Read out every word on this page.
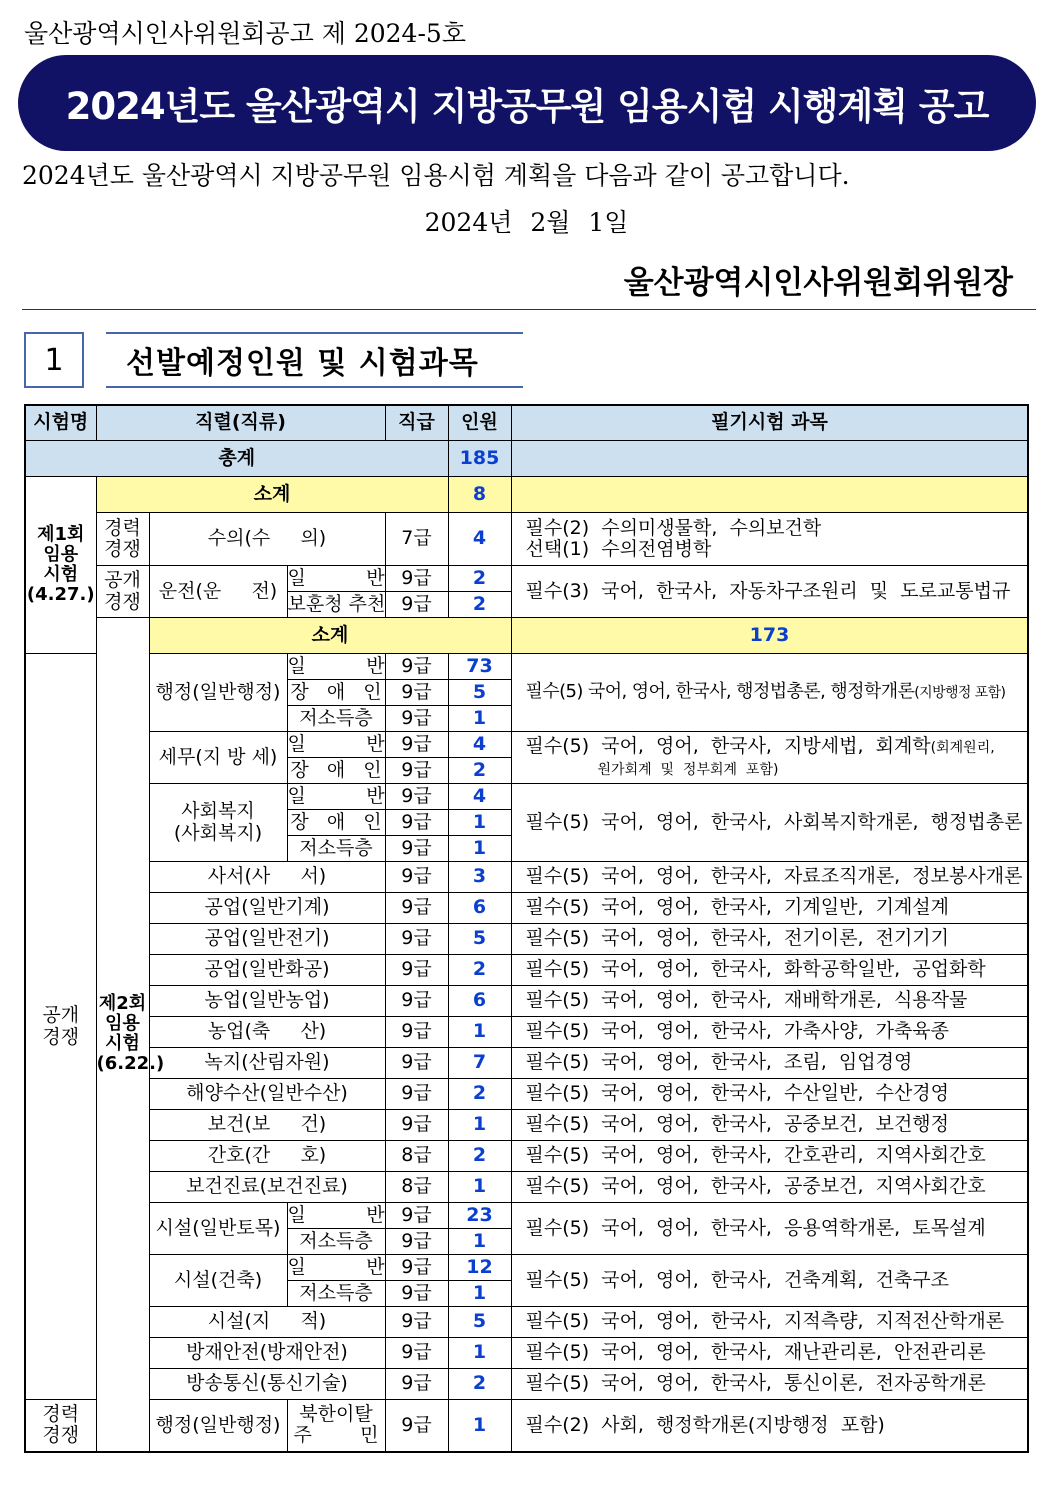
울산광역시인사위원회공고 제 2024-5호
2024년도 울산광역시 지방공무원 임용시험 시행계획 공고
2024년도 울산광역시 지방공무원 임용시험 계획을 다음과 같이 공고합니다.
2024년 2월 1일
울산광역시인사위원회위원장
1	선발예정인원 및 시험과목
시험명	직렬(직류)			직급	인원	필기시험 과목	
총계					185		
제1회
임용
시험
(4.27.)	소계				8		
	경력
경쟁	수의(수     의)		7급	4	필수(2)  수의미생물학,  수의보건학
선택(1)  수의전염병학	
	공개
경쟁	운전(운     전)	일          반	9급	2	필수(3)  국어,  한국사,  자동차구조원리  및  도로교통법규	
			보훈청 추천	9급	2		
	제2회
임용
시험
(6.22.)	소계				173	
공개
경쟁		행정(일반행정)	일          반	9급	73	필수(5) 국어, 영어, 한국사, 행정법총론, 행정학개론(지방행정 포함)	
			장   애   인	9급	5		
			저소득층	9급	1		
		세무(지 방 세)	일          반	9급	4	필수(5)  국어,  영어,  한국사,  지방세법,  회계학(회계원리,
원가회계  및  정부회계  포함)	
			장   애   인	9급	2		
		사회복지
(사회복지)	일          반	9급	4	필수(5)  국어,  영어,  한국사,  사회복지학개론,  행정법총론	
			장   애   인	9급	1		
			저소득층	9급	1		
		사서(사     서)		9급	3	필수(5)  국어,  영어,  한국사,  자료조직개론,  정보봉사개론	
		공업(일반기계)		9급	6	필수(5)  국어,  영어,  한국사,  기계일반,  기계설계	
		공업(일반전기)		9급	5	필수(5)  국어,  영어,  한국사,  전기이론,  전기기기	
		공업(일반화공)		9급	2	필수(5)  국어,  영어,  한국사,  화학공학일반,  공업화학	
		농업(일반농업)		9급	6	필수(5)  국어,  영어,  한국사,  재배학개론,  식용작물	
		농업(축     산)		9급	1	필수(5)  국어,  영어,  한국사,  가축사양,  가축육종	
		녹지(산림자원)		9급	7	필수(5)  국어,  영어,  한국사,  조림,  임업경영	
		해양수산(일반수산)		9급	2	필수(5)  국어,  영어,  한국사,  수산일반,  수산경영	
		보건(보     건)		9급	1	필수(5)  국어,  영어,  한국사,  공중보건,  보건행정	
		간호(간     호)		8급	2	필수(5)  국어,  영어,  한국사,  간호관리,  지역사회간호	
		보건진료(보건진료)		8급	1	필수(5)  국어,  영어,  한국사,  공중보건,  지역사회간호	
		시설(일반토목)	일          반	9급	23	필수(5)  국어,  영어,  한국사,  응용역학개론,  토목설계	
			저소득층	9급	1		
		시설(건축)	일          반	9급	12	필수(5)  국어,  영어,  한국사,  건축계획,  건축구조	
			저소득층	9급	1		
		시설(지     적)		9급	5	필수(5)  국어,  영어,  한국사,  지적측량,  지적전산학개론	
		방재안전(방재안전)		9급	1	필수(5)  국어,  영어,  한국사,  재난관리론,  안전관리론	
		방송통신(통신기술)		9급	2	필수(5)  국어,  영어,  한국사,  통신이론,  전자공학개론	
경력
경쟁		행정(일반행정)	북한이탈
주        민	9급	1	필수(2)  사회,  행정학개론(지방행정  포함)	
